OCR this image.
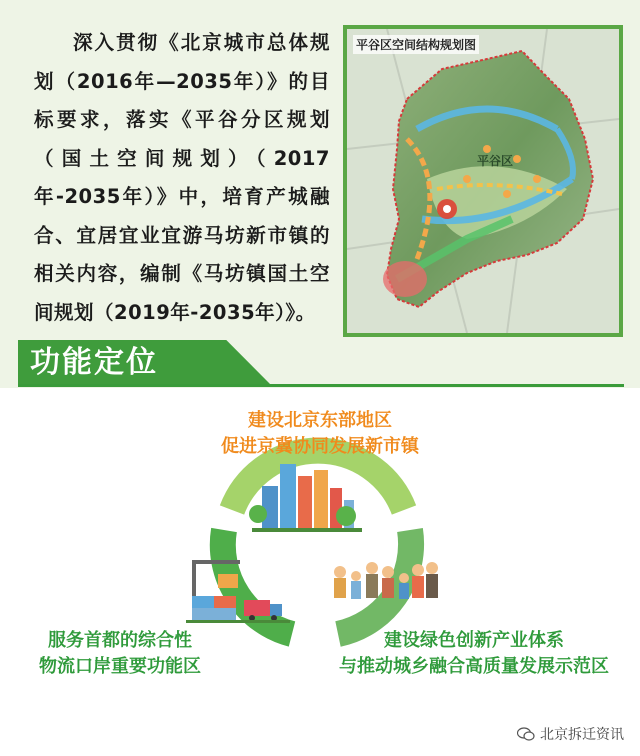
深入贯彻《北京城市总体规划（2016年—2035年）》的目标要求，落实《平谷分区规划（国土空间规划）（2017年-2035年）》中，培育产城融合、宜居宜业宜游马坊新市镇的相关内容，编制《马坊镇国土空间规划（2019年-2035年）》。

平谷区
平谷区空间结构规划图
功能定位
建设北京东部地区
促进京冀协同发展新市镇
服务首都的综合性
物流口岸重要功能区
建设绿色创新产业体系
与推动城乡融合高质量发展示范区
北京拆迁资讯
